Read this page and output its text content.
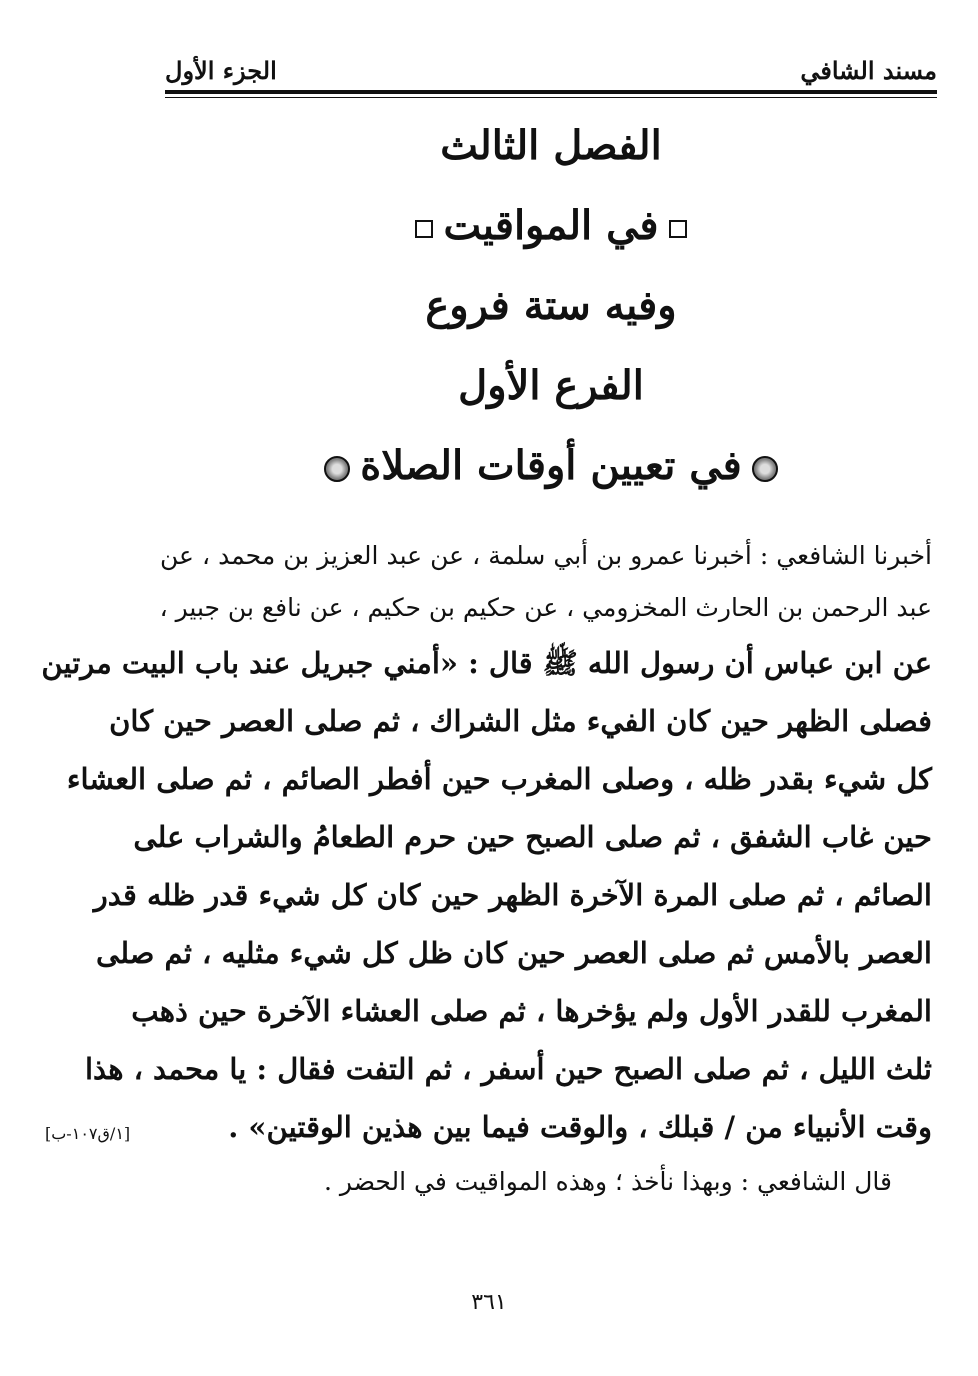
مسند الشافي
الجزء الأول
الفصل الثالث
في المواقيت
وفيه ستة فروع
الفرع الأول
في تعيين أوقات الصلاة
أخبرنا الشافعي : أخبرنا عمرو بن أبي سلمة ، عن عبد العزيز بن محمد ، عن
عبد الرحمن بن الحارث المخزومي ، عن حكيم بن حكيم ، عن نافع بن جبير ،
عن ابن عباس أن رسول الله ﷺ قال : «أمني جبريل عند باب البيت مرتين
فصلى الظهر حين كان الفيء مثل الشراك ، ثم صلى العصر حين كان
كل شيء بقدر ظله ، وصلى المغرب حين أفطر الصائم ، ثم صلى العشاء
حين غاب الشفق ، ثم صلى الصبح حين حرم الطعامُ والشراب على
الصائم ، ثم صلى المرة الآخرة الظهر حين كان كل شيء قدر ظله قدر
العصر بالأمس ثم صلى العصر حين كان ظل كل شيء مثليه ، ثم صلى
المغرب للقدر الأول ولم يؤخرها ، ثم صلى العشاء الآخرة حين ذهب
ثلث الليل ، ثم صلى الصبح حين أسفر ، ثم التفت فقال : يا محمد ، هذا
وقت الأنبياء من / قبلك ، والوقت فيما بين هذين الوقتين» .
قال الشافعي : وبهذا نأخذ ؛ وهذه المواقيت في الحضر .
[١/ق١٠٧-ب]
٣٦١
